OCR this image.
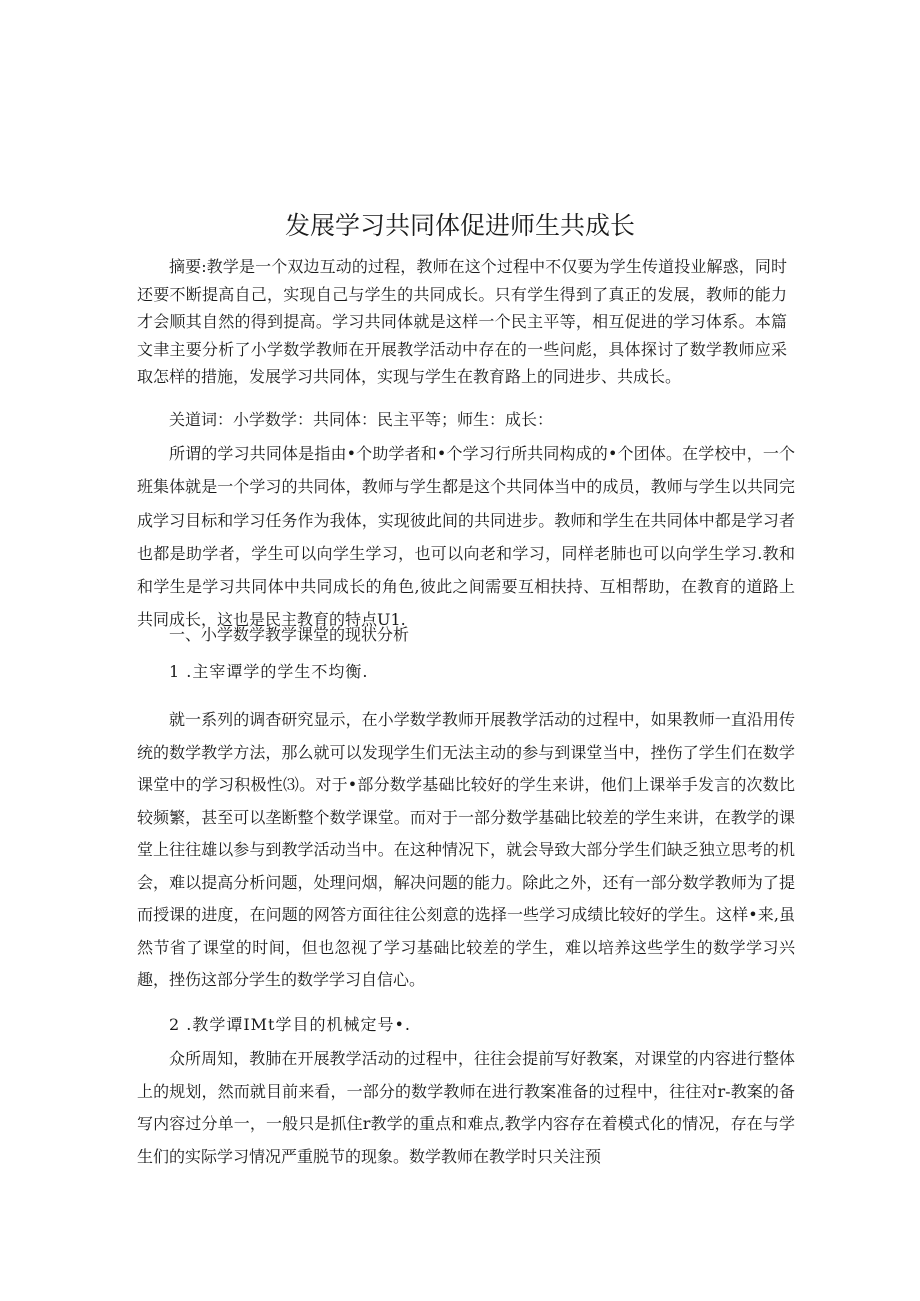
发展学习共同体促进师生共成长
摘要:教学是一个双边互动的过程，教师在这个过程中不仅要为学生传道投业解惑，同时还要不断提高自己，实现自己与学生的共同成长。只有学生得到了真正的发展，教师的能力才会顺其自然的得到提高。学习共同体就是这样一个民主平等，相互促进的学习体系。本篇文聿主要分析了小学数学教师在开展教学活动中存在的一些问彪，具体探讨了数学教师应采取怎样的措施，发展学习共同体，实现与学生在教育路上的同进步、共成长。
关道词：小学数学：共同体：民主平等；师生：成长：
所谓的学习共同体是指由•个助学者和•个学习行所共同构成的•个团体。在学校中，一个班集体就是一个学习的共同体，教师与学生都是这个共同体当中的成员，教师与学生以共同完成学习目标和学习任务作为我体，实现彼此间的共同进步。教师和学生在共同体中都是学习者也都是助学者，学生可以向学生学习，也可以向老和学习，同样老肺也可以向学生学习.教和和学生是学习共同体中共同成长的角色,彼此之间需要互相扶持、互相帮助，在教育的道路上共同成长，这也是民主教育的特点U1.
一、小学数学教学课堂的现状分析
1 .主宰谭学的学生不均衡.
就一系列的调杳研究显示，在小学数学教师开展教学活动的过程中，如果教师一直沿用传统的数学教学方法，那么就可以发现学生们无法主动的参与到课堂当中，挫伤了学生们在数学课堂中的学习积极性⑶。对于•部分数学基础比较好的学生来讲，他们上课举手发言的次数比较频繁，甚至可以垄断整个数学课堂。而对于一部分数学基础比较差的学生来讲，在教学的课堂上往往雄以参与到教学活动当中。在这种情况下，就会导致大部分学生们缺乏独立思考的机会，难以提高分析问题，处理问烟，解决问题的能力。除此之外，还有一部分数学教师为了提而授课的进度，在问题的网答方面往往公刻意的选择一些学习成绩比较好的学生。这样•来,虽然节省了课堂的时间，但也忽视了学习基础比较差的学生，难以培养这些学生的数学学习兴趣，挫伤这部分学生的数学学习自信心。
2 .教学谭IMt学目的机械定号•.
众所周知，教肺在开展教学活动的过程中，往往会提前写好教案，对课堂的内容进行整体上的规划，然而就目前来看，一部分的数学教师在进行教案准备的过程中，往往对r-教案的备写内容过分单一，一般只是抓住r教学的重点和难点,教学内容存在着模式化的情况，存在与学生们的实际学习情况严重脱节的现象。数学教师在教学时只关注预
